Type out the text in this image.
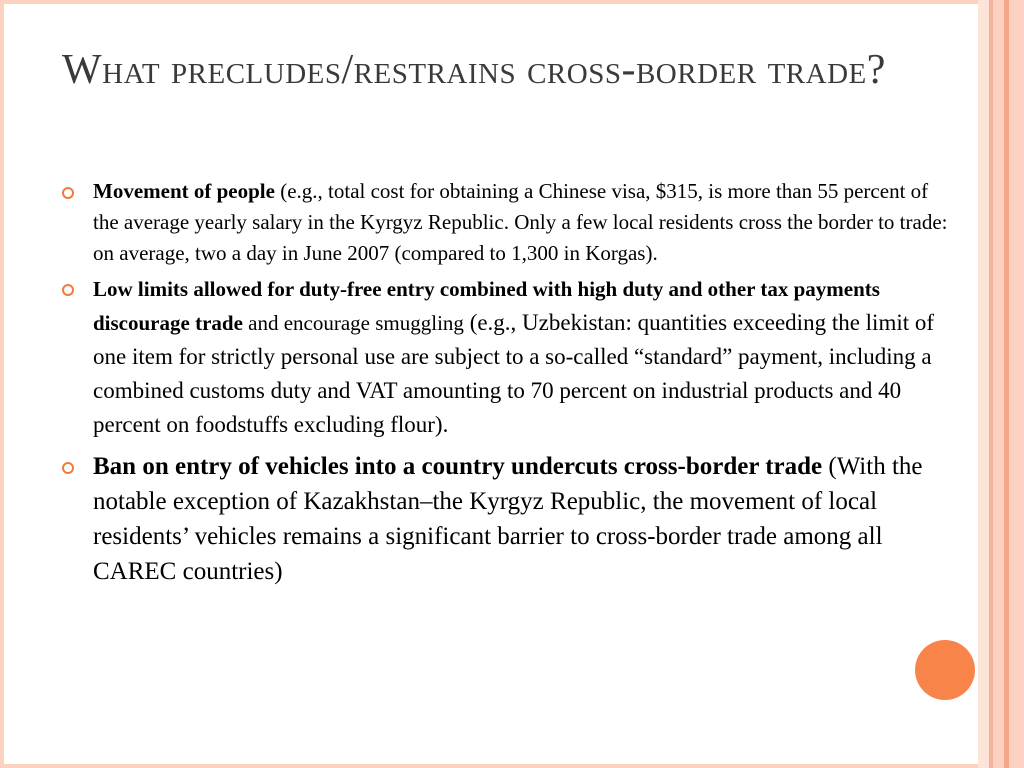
What precludes/restrains cross-border trade?

Movement of people (e.g., total cost for obtaining a Chinese visa, $315, is more than 55 percent of the average yearly salary in the Kyrgyz Republic. Only a few local residents cross the border to trade: on average, two a day in June 2007 (compared to 1,300 in Korgas).

Low limits allowed for duty-free entry combined with high duty and other tax payments discourage trade and encourage smuggling (e.g., Uzbekistan: quantities exceeding the limit of one item for strictly personal use are subject to a so-called “standard” payment, including a combined customs duty and VAT amounting to 70 percent on industrial products and 40 percent on foodstuffs excluding flour).

Ban on entry of vehicles into a country undercuts cross-border trade (With the notable exception of Kazakhstan–the Kyrgyz Republic, the movement of local residents’ vehicles remains a significant barrier to cross-border trade among all CAREC countries)
